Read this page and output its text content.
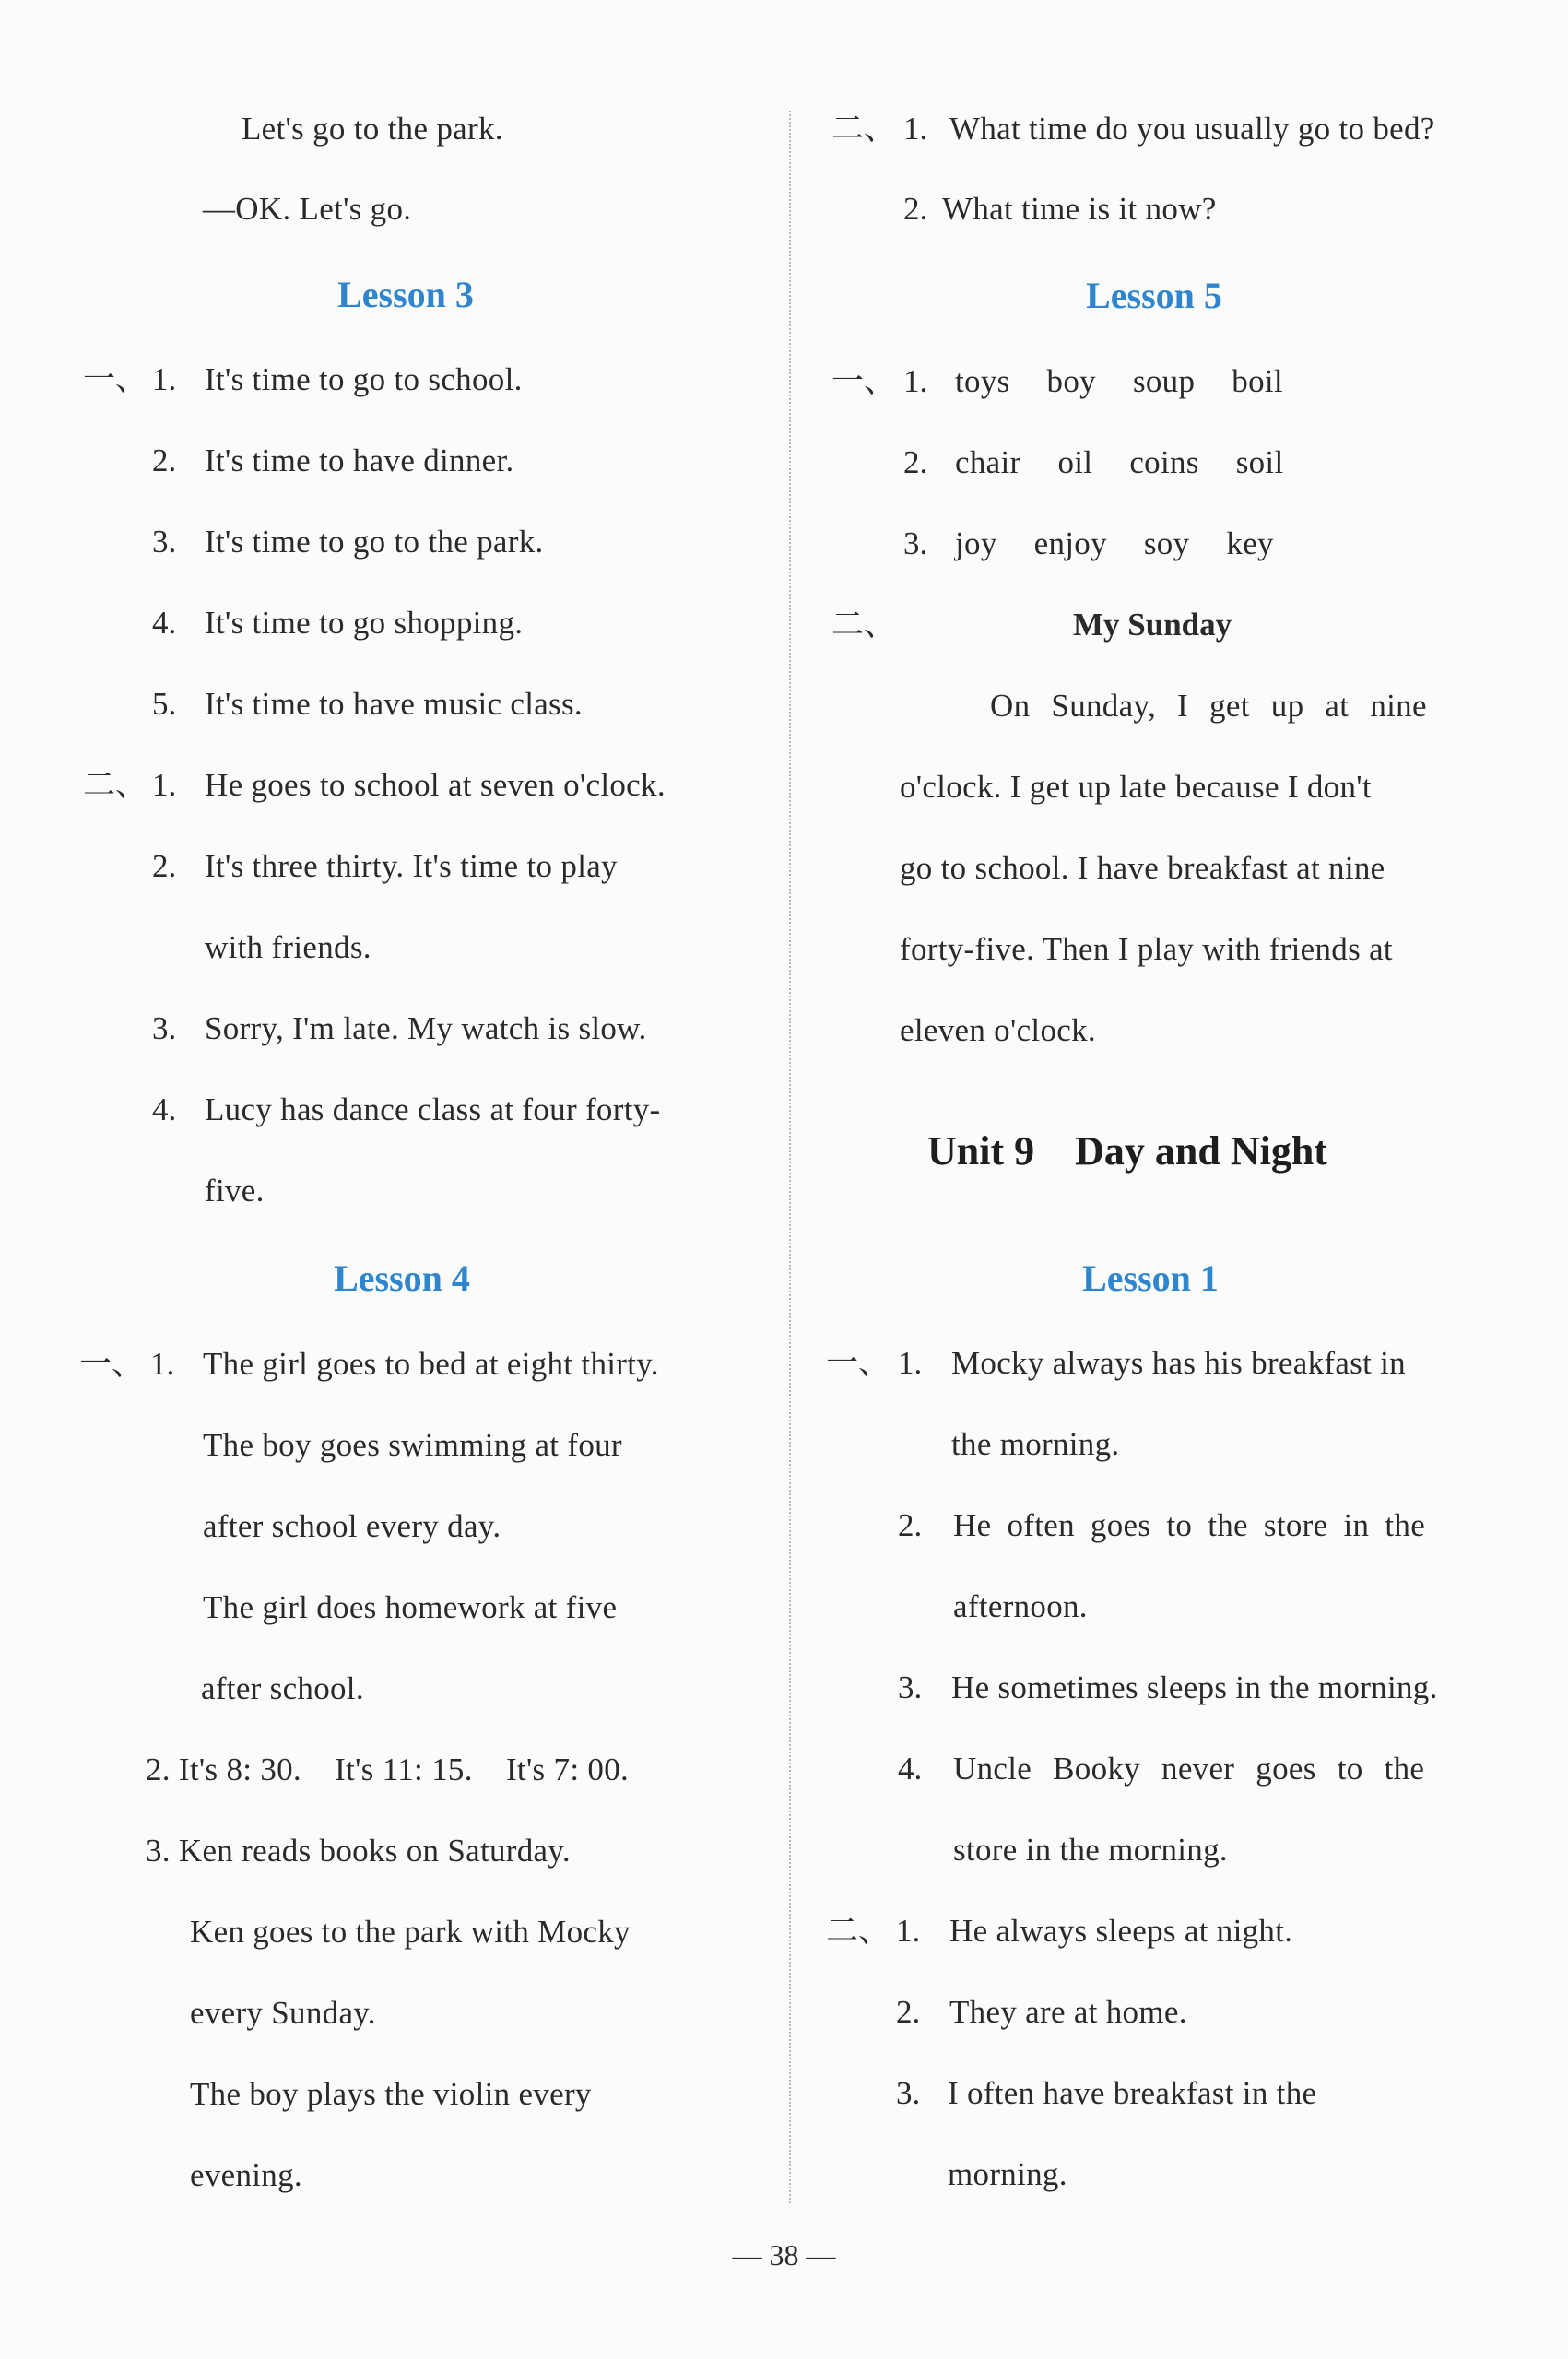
Let's go to the park.
—OK. Let's go.
Lesson 3
一、 1. It's time to go to school.
2. It's time to have dinner.
3. It's time to go to the park.
4. It's time to go shopping.
5. It's time to have music class.
二、 1. He goes to school at seven o'clock.
2. It's three thirty. It's time to play
with friends.
3. Sorry, I'm late. My watch is slow.
4. Lucy has dance class at four forty-
five.
Lesson 4
一、 1. The girl goes to bed at eight thirty.
The boy goes swimming at four
after school every day.
The girl does homework at five
after school.
2. It's 8: 30.    It's 11: 15.    It's 7: 00.
3. Ken reads books on Saturday.
Ken goes to the park with Mocky
every Sunday.
The boy plays the violin every
evening.
二、 1. What time do you usually go to bed?
2. What time is it now?
Lesson 5
一、 1. toys boy soup boil
2. chair oil coins soil
3. joy enjoy soy key
二、	My Sunday
On Sunday, I get up at nine
o'clock. I get up late because I don't
go to school. I have breakfast at nine
forty-five. Then I play with friends at
eleven o'clock.
Unit 9    Day and Night
Lesson 1
一、 1. Mocky always has his breakfast in
the morning.
2. He often goes to the store in the
afternoon.
3. He sometimes sleeps in the morning.
4. Uncle Booky never goes to the
store in the morning.
二、 1. He always sleeps at night.
2. They are at home.
3. I often have breakfast in the
morning.
— 38 —
